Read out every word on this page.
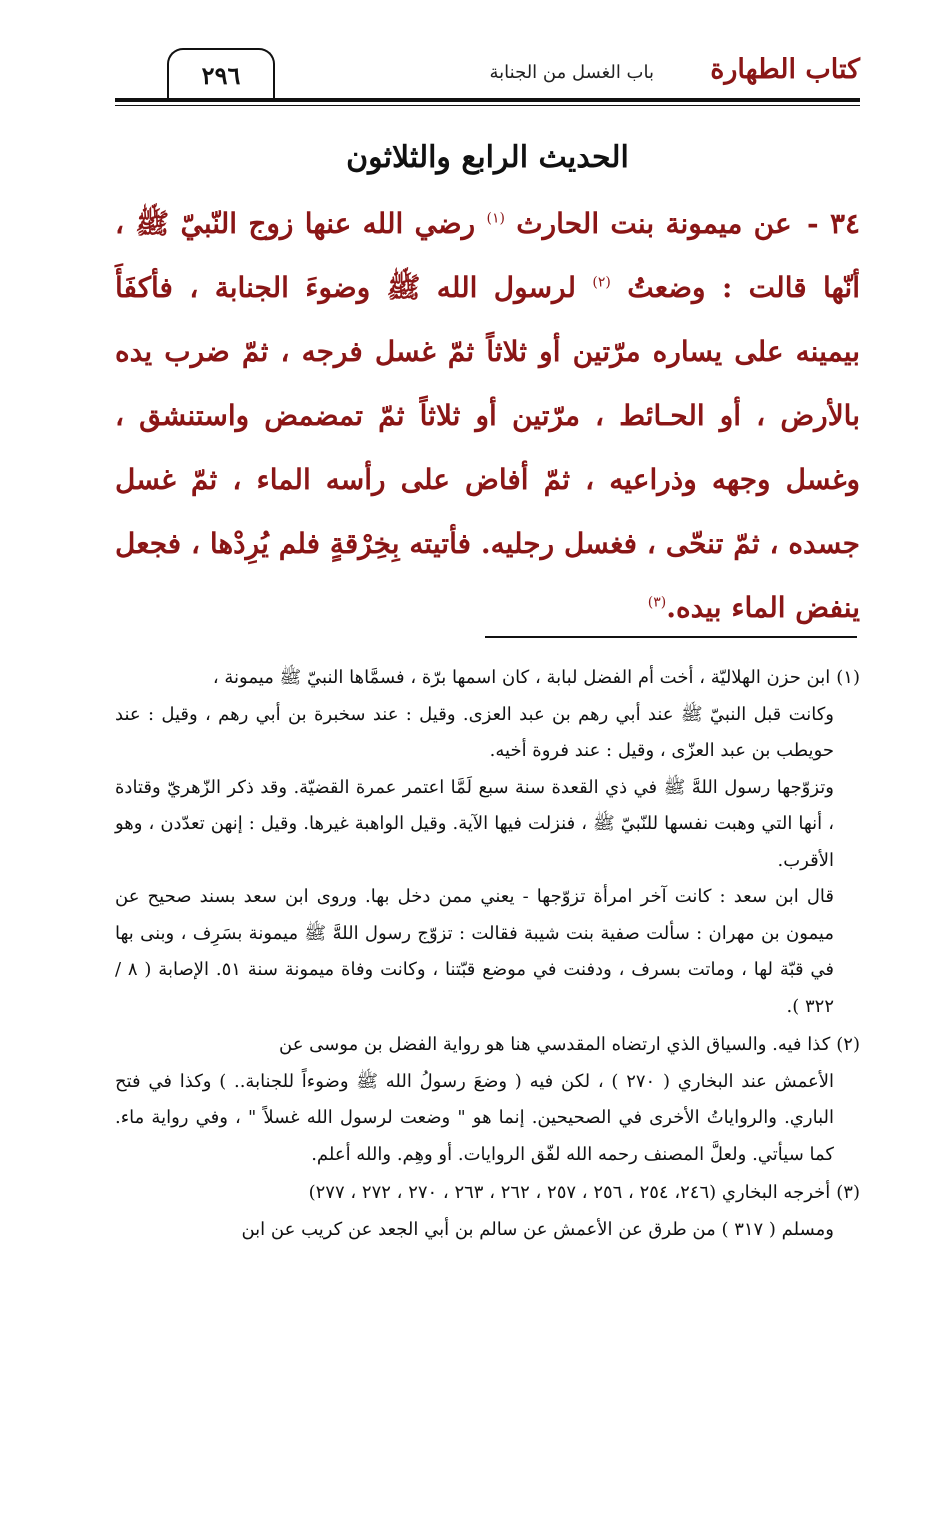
كتاب الطهارة
باب الغسل من الجنابة
٢٩٦
الحديث الرابع والثلاثون

٣٤ - عن ميمونة بنت الحارث $^{(١)}$ رضي الله عنها زوج النّبيّ ﷺ ، أنّها قالت : وضعتُ $^{(٢)}$ لرسول الله ﷺ وضوءَ الجنابة ، فأكفَأَ بيمينه على يساره مرّتين أو ثلاثاً ثمّ غسل فرجه ، ثمّ ضرب يده بالأرض ، أو الحـائط ، مرّتين أو ثلاثاً ثمّ تمضمض واستنشق ، وغسل وجهه وذراعيه ، ثمّ أفاض على رأسه الماء ، ثمّ غسل جسده ، ثمّ تنحّى ، فغسل رجليه. فأتيته بِخِرْقةٍ فلم يُرِدْها ، فجعل ينفض الماء بيده.$^{(٣)}$

(١)ابن حزن الهلاليّة ، أخت أم الفضل لبابة ، كان اسمها برّة ، فسمَّاها النبيّ ﷺ ميمونة ،
وكانت قبل النبيّ ﷺ عند أبي رهم بن عبد العزى. وقيل : عند سخبرة بن أبي رهم ، وقيل : عند حويطب بن عبد العزّى ، وقيل : عند فروة أخيه.
وتزوّجها رسول اللهَّ ﷺ في ذي القعدة سنة سبع لَمَّا اعتمر عمرة القضيّة. وقد ذكر الزّهريّ وقتادة ، أنها التي وهبت نفسها للنّبيّ ﷺ ، فنزلت فيها الآية. وقيل الواهبة غيرها. وقيل : إنهن تعدّدن ، وهو الأقرب.
قال ابن سعد : كانت آخر امرأة تزوّجها - يعني ممن دخل بها. وروى ابن سعد بسند صحيح عن ميمون بن مهران : سألت صفية بنت شيبة فقالت : تزوّج رسول اللهَّ ﷺ ميمونة بسَرِف ، وبنى بها في قبّة لها ، وماتت بسرف ، ودفنت في موضع قبّتنا ، وكانت وفاة ميمونة سنة ٥١. الإصابة ( ٨ / ٣٢٢ ).
(٢)كذا فيه. والسياق الذي ارتضاه المقدسي هنا هو رواية الفضل بن موسى عن
الأعمش عند البخاري ( ٢٧٠ ) ، لكن فيه ( وضعَ رسولُ الله ﷺ وضوءاً للجنابة.. ) وكذا في فتح الباري. والرواياتُ الأخرى في الصحيحين. إنما هو " وضعت لرسول الله غسلاً " ، وفي رواية ماء. كما سيأتي. ولعلَّ المصنف رحمه الله لفّق الروايات. أو وهِم. والله أعلم.
(٣)أخرجه البخاري (٢٤٦، ٢٥٤ ، ٢٥٦ ، ٢٥٧ ، ٢٦٢ ، ٢٦٣ ، ٢٧٠ ، ٢٧٢ ، ٢٧٧)
ومسلم ( ٣١٧ ) من طرق عن الأعمش عن سالم بن أبي الجعد عن كريب عن ابن
